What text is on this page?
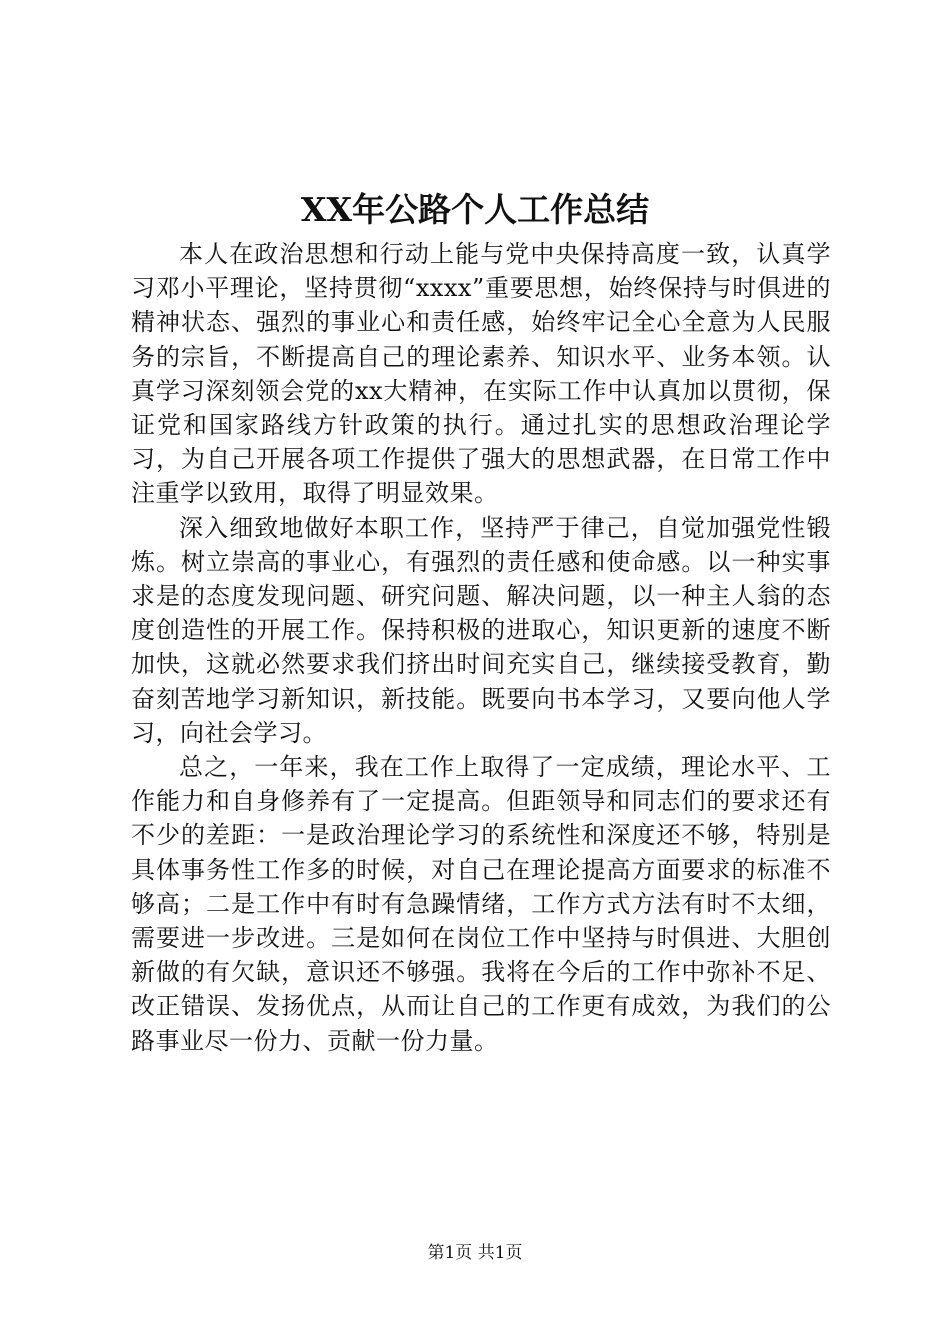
XX年公路个人工作总结

本人在政治思想和行动上能与党中央保持高度一致，认真学习邓小平理论，坚持贯彻“xxxx”重要思想，始终保持与时俱进的精神状态、强烈的事业心和责任感，始终牢记全心全意为人民服务的宗旨，不断提高自己的理论素养、知识水平、业务本领。认真学习深刻领会党的xx大精神，在实际工作中认真加以贯彻，保证党和国家路线方针政策的执行。通过扎实的思想政治理论学习，为自己开展各项工作提供了强大的思想武器，在日常工作中注重学以致用，取得了明显效果。

深入细致地做好本职工作，坚持严于律己，自觉加强党性锻炼。树立崇高的事业心，有强烈的责任感和使命感。以一种实事求是的态度发现问题、研究问题、解决问题，以一种主人翁的态度创造性的开展工作。保持积极的进取心，知识更新的速度不断加快，这就必然要求我们挤出时间充实自己，继续接受教育，勤奋刻苦地学习新知识，新技能。既要向书本学习，又要向他人学习，向社会学习。

总之，一年来，我在工作上取得了一定成绩，理论水平、工作能力和自身修养有了一定提高。但距领导和同志们的要求还有不少的差距：一是政治理论学习的系统性和深度还不够，特别是具体事务性工作多的时候，对自己在理论提高方面要求的标准不够高；二是工作中有时有急躁情绪，工作方式方法有时不太细，需要进一步改进。三是如何在岗位工作中坚持与时俱进、大胆创新做的有欠缺，意识还不够强。我将在今后的工作中弥补不足、改正错误、发扬优点，从而让自己的工作更有成效，为我们的公路事业尽一份力、贡献一份力量。

第1页 共1页
